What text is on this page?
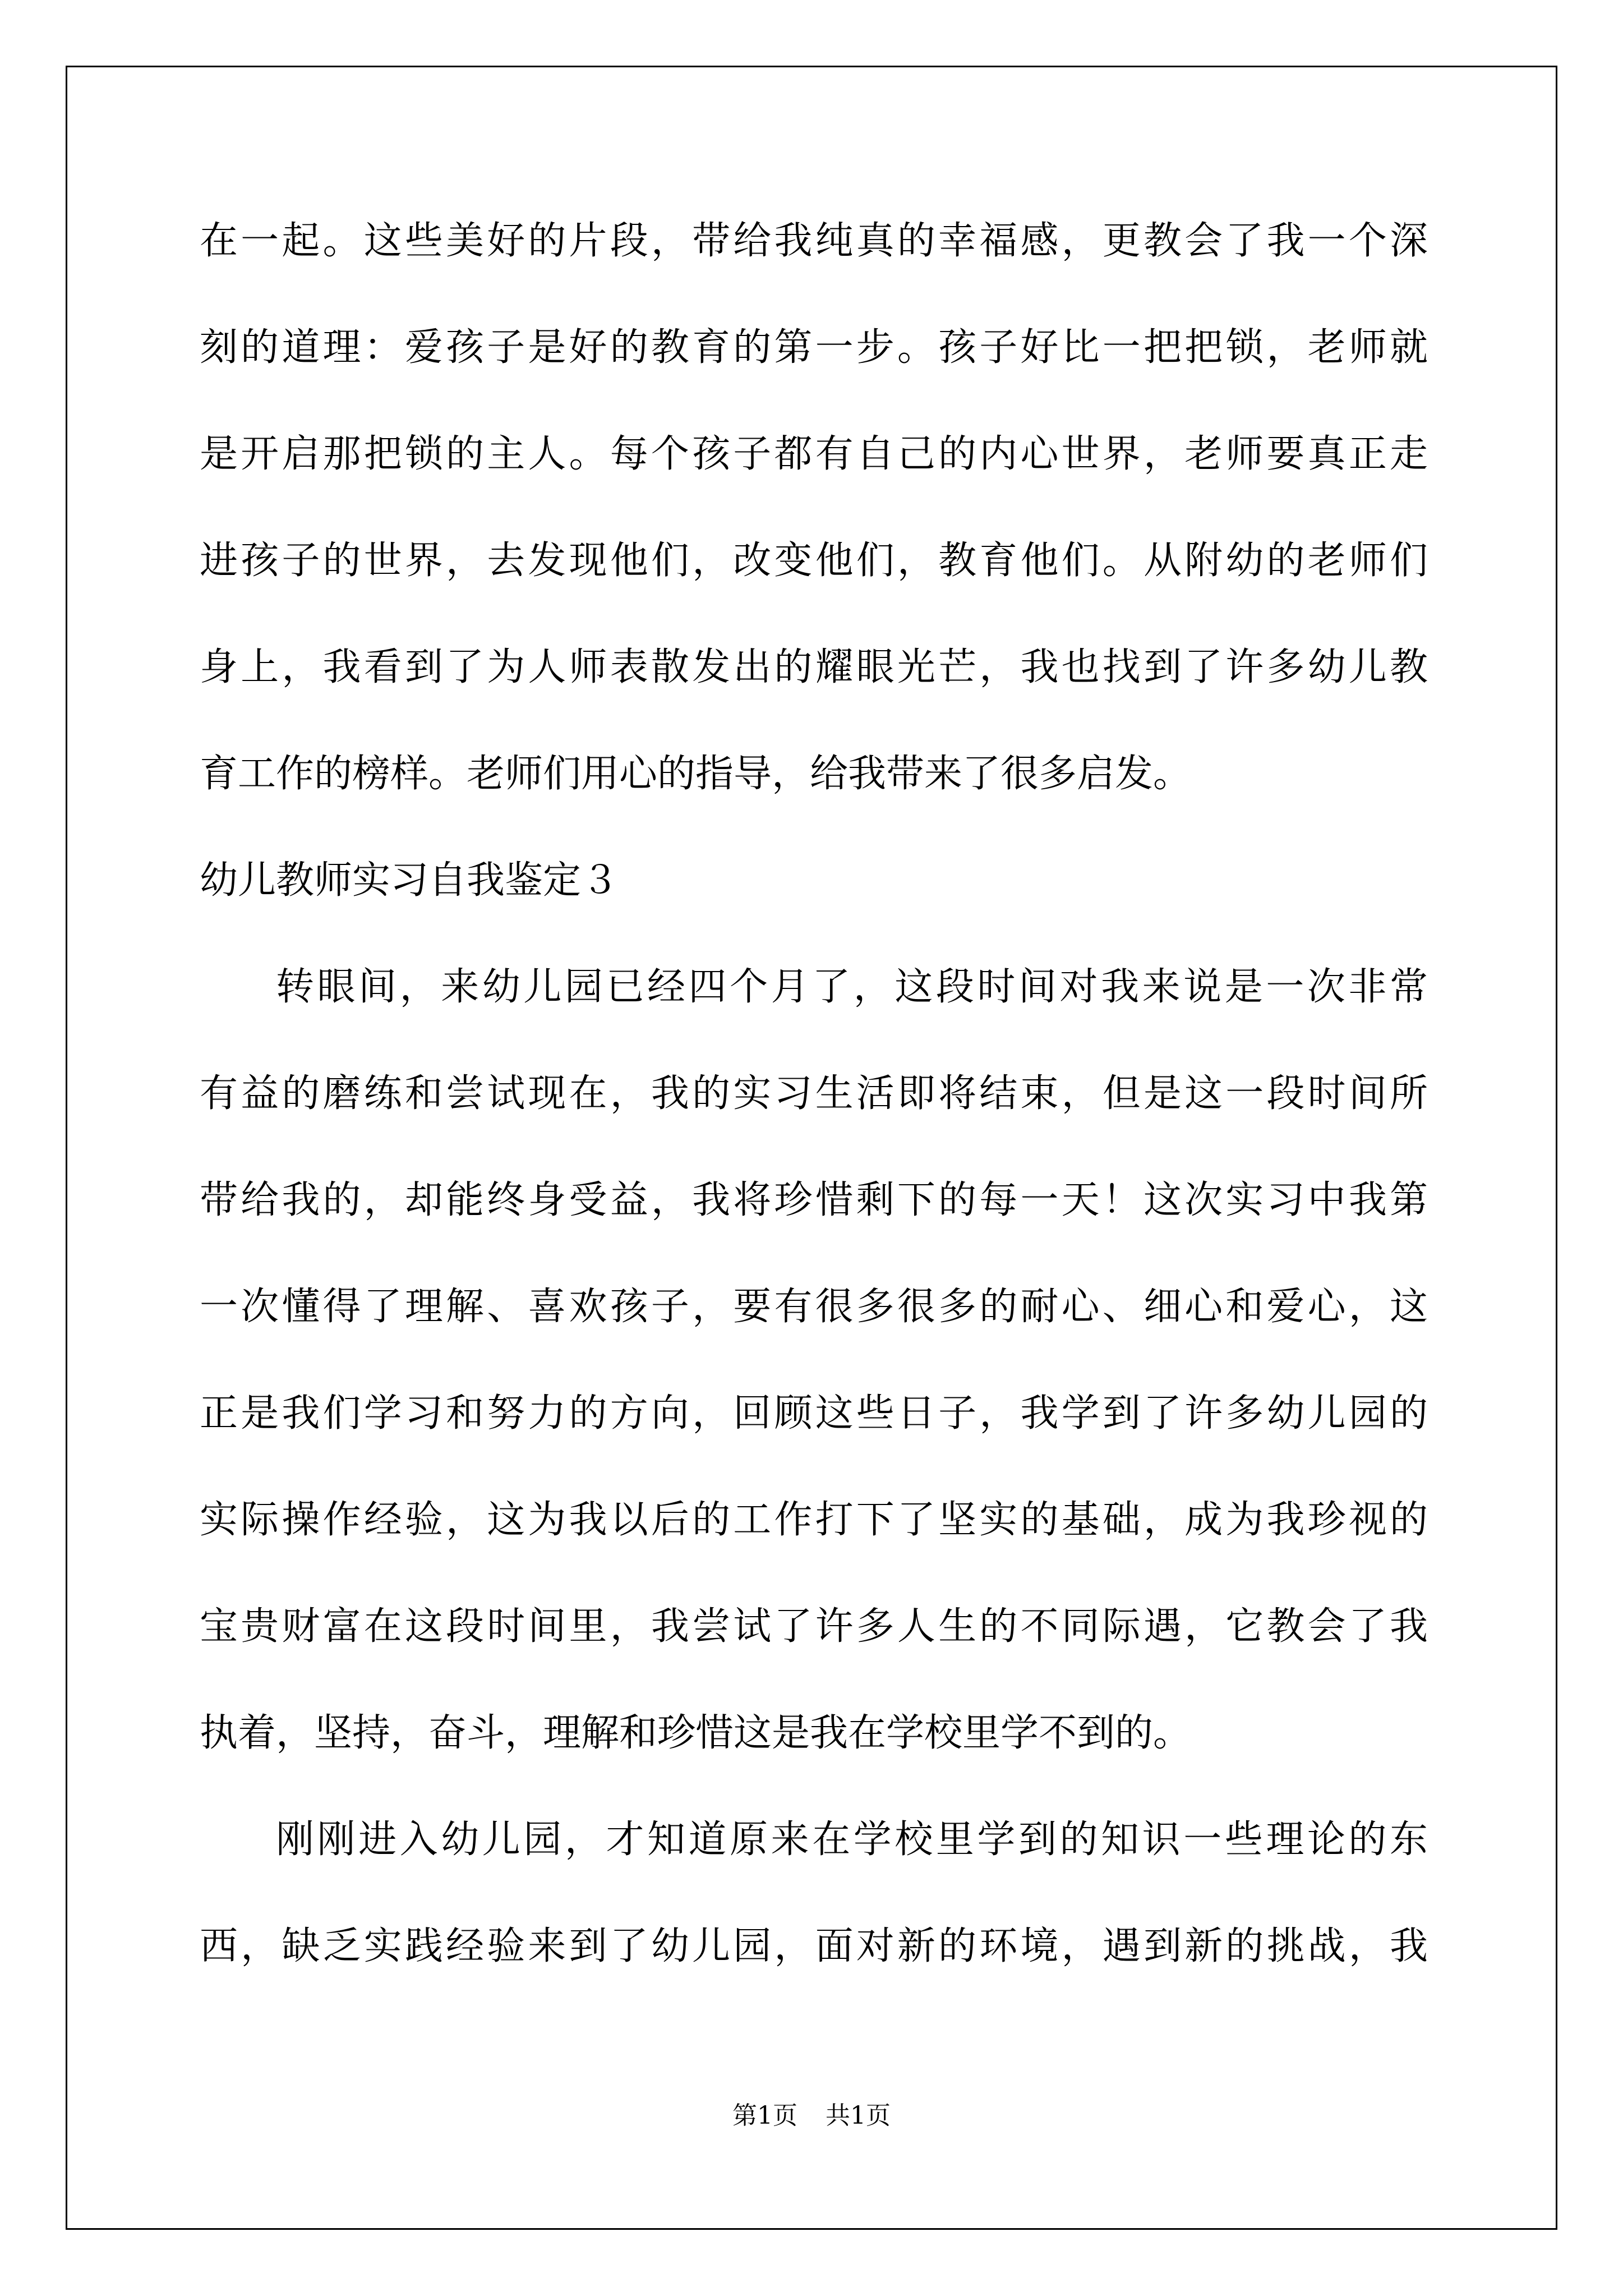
在一起。这些美好的片段，带给我纯真的幸福感，更教会了我一个深
刻的道理：爱孩子是好的教育的第一步。孩子好比一把把锁，老师就
是开启那把锁的主人。每个孩子都有自己的内心世界，老师要真正走
进孩子的世界，去发现他们，改变他们，教育他们。从附幼的老师们
身上，我看到了为人师表散发出的耀眼光芒，我也找到了许多幼儿教
育工作的榜样。老师们用心的指导，给我带来了很多启发。
幼儿教师实习自我鉴定３
转眼间，来幼儿园已经四个月了，这段时间对我来说是一次非常
有益的磨练和尝试现在，我的实习生活即将结束，但是这一段时间所
带给我的，却能终身受益，我将珍惜剩下的每一天！这次实习中我第
一次懂得了理解、喜欢孩子，要有很多很多的耐心、细心和爱心，这
正是我们学习和努力的方向，回顾这些日子，我学到了许多幼儿园的
实际操作经验，这为我以后的工作打下了坚实的基础，成为我珍视的
宝贵财富在这段时间里，我尝试了许多人生的不同际遇，它教会了我
执着，坚持，奋斗，理解和珍惜这是我在学校里学不到的。
刚刚进入幼儿园，才知道原来在学校里学到的知识一些理论的东
西，缺乏实践经验来到了幼儿园，面对新的环境，遇到新的挑战，我
第1页 共1页
